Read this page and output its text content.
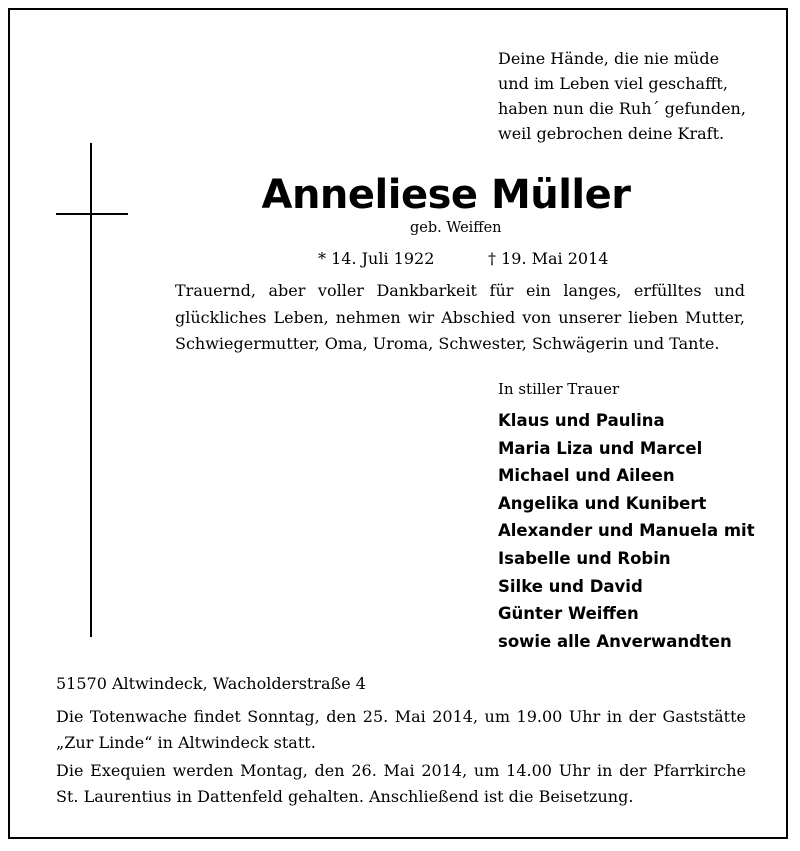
Deine Hände, die nie müde
und im Leben viel geschafft,
haben nun die Ruh´ gefunden,
weil gebrochen deine Kraft.
Anneliese Müller
geb. Weiffen
* 14. Juli 1922	† 19. Mai 2014
Trauernd, aber voller Dankbarkeit für ein langes, erfülltes und glückliches Leben, nehmen wir Abschied von unserer lieben Mutter, Schwiegermutter, Oma, Uroma, Schwester, Schwägerin und Tante.
In stiller Trauer
Klaus und Paulina
Maria Liza und Marcel
Michael und Aileen
Angelika und Kunibert
Alexander und Manuela mit
Isabelle und Robin
Silke und David
Günter Weiffen
sowie alle Anverwandten
51570 Altwindeck, Wacholderstraße 4
Die Totenwache findet Sonntag, den 25. Mai 2014, um 19.00 Uhr in der Gaststätte „Zur Linde“ in Altwindeck statt.
Die Exequien werden Montag, den 26. Mai 2014, um 14.00 Uhr in der Pfarrkirche St. Laurentius in Dattenfeld gehalten. Anschließend ist die Beisetzung.
